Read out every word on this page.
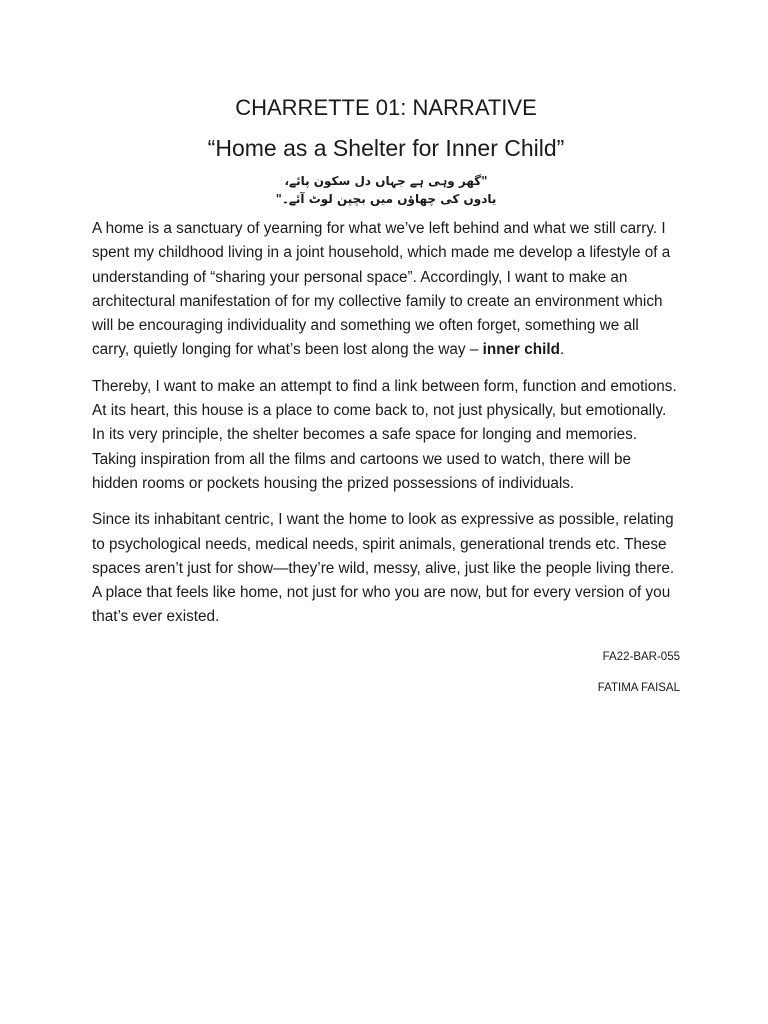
CHARRETTE 01: NARRATIVE
“Home as a Shelter for Inner Child”
"گھر وہی ہے جہاں دل سکون پائے،
یادوں کی چھاؤں میں بچپن لوٹ آئے۔"

A home is a sanctuary of yearning for what we’ve left behind and what we still carry. I spent my childhood living in a joint household, which made me develop a lifestyle of a understanding of “sharing your personal space”. Accordingly, I want to make an architectural manifestation of for my collective family to create an environment which will be encouraging individuality and something we often forget, something we all carry, quietly longing for what’s been lost along the way – inner child.

Thereby, I want to make an attempt to find a link between form, function and emotions. At its heart, this house is a place to come back to, not just physically, but emotionally. In its very principle, the shelter becomes a safe space for longing and memories. Taking inspiration from all the films and cartoons we used to watch, there will be hidden rooms or pockets housing the prized possessions of individuals.

Since its inhabitant centric, I want the home to look as expressive as possible, relating to psychological needs, medical needs, spirit animals, generational trends etc. These spaces aren’t just for show—they’re wild, messy, alive, just like the people living there. A place that feels like home, not just for who you are now, but for every version of you that’s ever existed.

FA22-BAR-055

FATIMA FAISAL
